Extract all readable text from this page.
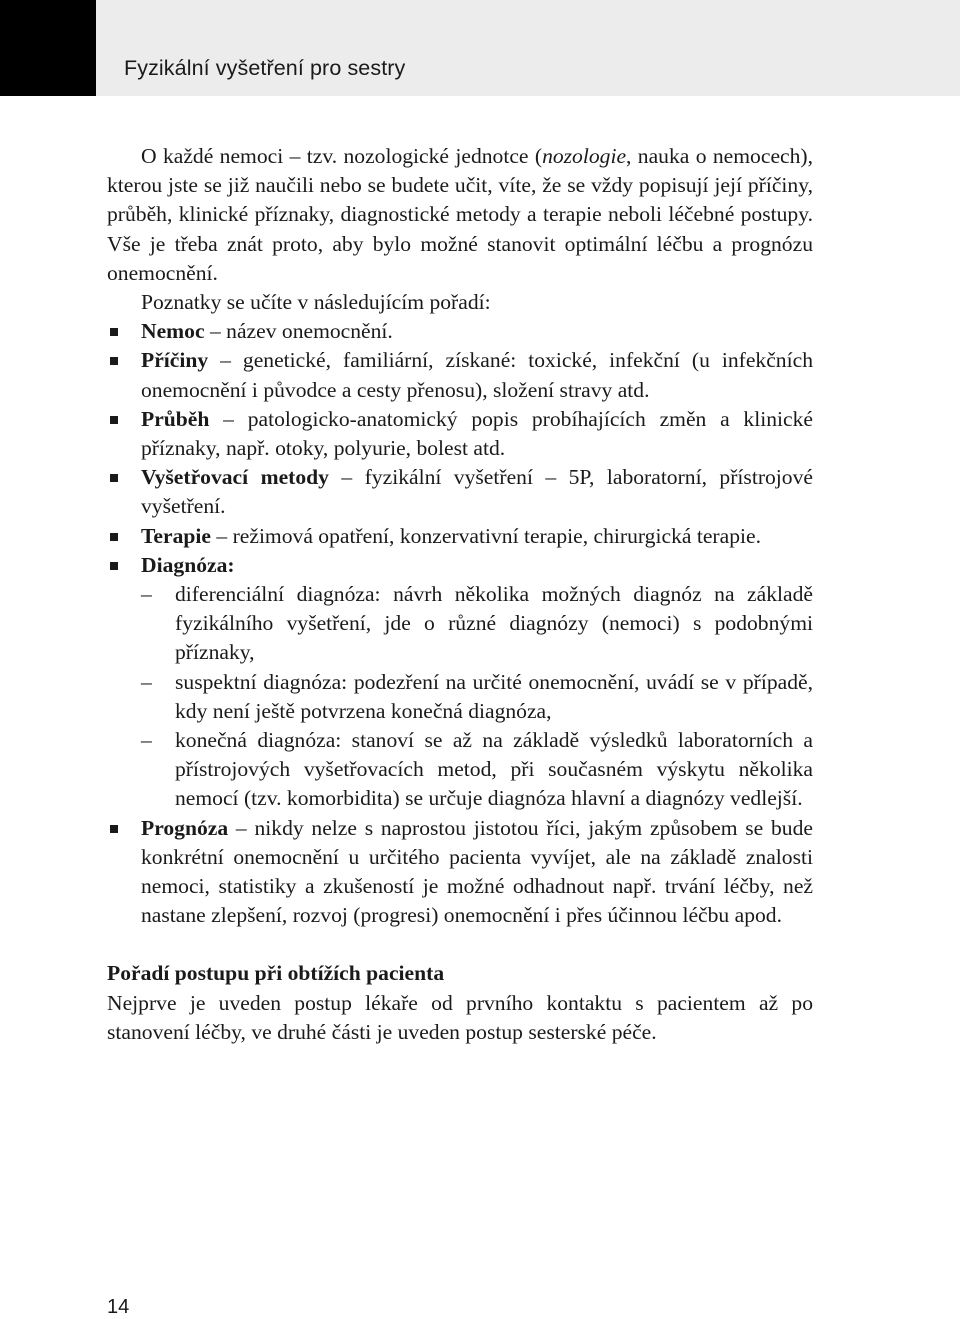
Fyzikální vyšetření pro sestry

O každé nemoci – tzv. nozologické jednotce (nozologie, nauka o nemocech), kterou jste se již naučili nebo se budete učit, víte, že se vždy popisují její příčiny, průběh, klinické příznaky, diagnostické metody a terapie neboli léčebné postupy. Vše je třeba znát proto, aby bylo možné stanovit optimální léčbu a prognózu onemocnění.

Poznatky se učíte v následujícím pořadí:

Nemoc – název onemocnění.
Příčiny – genetické, familiární, získané: toxické, infekční (u infekčních onemocnění i původce a cesty přenosu), složení stravy atd.
Průběh – patologicko-anatomický popis probíhajících změn a klinické příznaky, např. otoky, polyurie, bolest atd.
Vyšetřovací metody – fyzikální vyšetření – 5P, laboratorní, přístrojové vyšetření.
Terapie – režimová opatření, konzervativní terapie, chirurgická terapie.
Diagnóza:
– diferenciální diagnóza: návrh několika možných diagnóz na základě fyzikálního vyšetření, jde o různé diagnózy (nemoci) s podobnými příznaky,
– suspektní diagnóza: podezření na určité onemocnění, uvádí se v případě, kdy není ještě potvrzena konečná diagnóza,
– konečná diagnóza: stanoví se až na základě výsledků laboratorních a přístrojových vyšetřovacích metod, při současném výskytu několika nemocí (tzv. komorbidita) se určuje diagnóza hlavní a diagnózy vedlejší.
Prognóza – nikdy nelze s naprostou jistotou říci, jakým způsobem se bude konkrétní onemocnění u určitého pacienta vyvíjet, ale na základě znalosti nemoci, statistiky a zkušeností je možné odhadnout např. trvání léčby, než nastane zlepšení, rozvoj (progresi) onemocnění i přes účinnou léčbu apod.

Pořadí postupu při obtížích pacienta

Nejprve je uveden postup lékaře od prvního kontaktu s pacientem až po stanovení léčby, ve druhé části je uveden postup sesterské péče.

14
